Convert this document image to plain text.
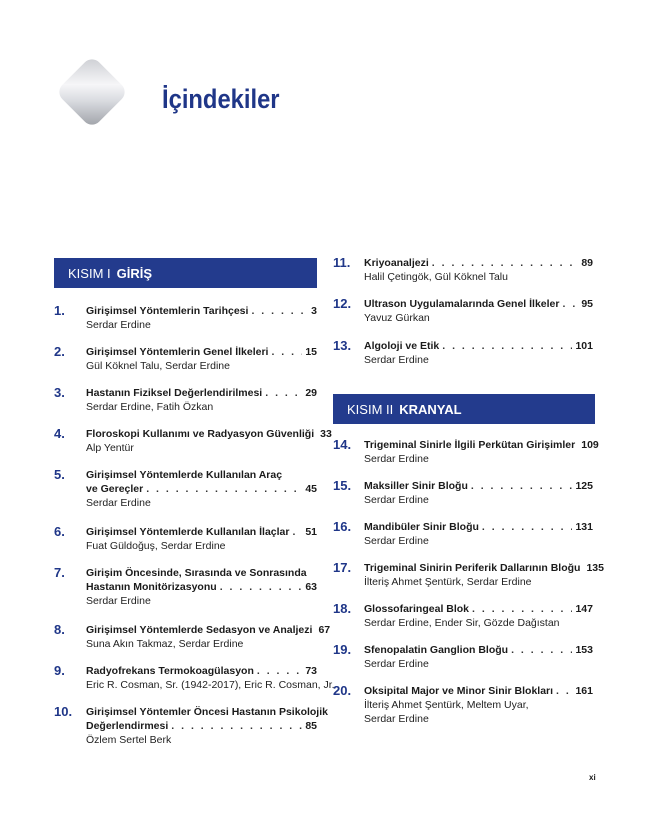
İçindekiler
KISIM I GİRİŞ
KISIM II KRANYAL
1. Girişimsel Yöntemlerin Tarihçesi . . .	3
Serdar Erdine
2. Girişimsel Yöntemlerin Genel İlkeleri . . .	15
Gül Köknel Talu, Serdar Erdine
3. Hastanın Fiziksel Değerlendirilmesi . . .	29
Serdar Erdine, Fatih Özkan
4. Floroskopi Kullanımı ve Radyasyon Güvenliği 33
Alp Yentür
5. Girişimsel Yöntemlerde Kullanılan Araç
ve Gereçler . . .	45
Serdar Erdine
6. Girişimsel Yöntemlerde Kullanılan İlaçlar . . . 51
Fuat Güldoğuş, Serdar Erdine
7. Girişim Öncesinde, Sırasında ve Sonrasında
Hastanın Monitörizasyonu . . .	63
Serdar Erdine
8. Girişimsel Yöntemlerde Sedasyon ve Analjezi 67
Suna Akın Takmaz, Serdar Erdine
9. Radyofrekans Termokoagülasyon . . .	73
Eric R. Cosman, Sr. (1942-2017), Eric R. Cosman, Jr.
10. Girişimsel Yöntemler Öncesi Hastanın Psikolojik
Değerlendirmesi . . .	85
Özlem Sertel Berk
11. Kriyoanaljezi . . .	89
Halil Çetingök, Gül Köknel Talu
12. Ultrason Uygulamalarında Genel İlkeler . . . 95
Yavuz Gürkan
13. Algoloji ve Etik . . .	101
Serdar Erdine
14. Trigeminal Sinirle İlgili Perkütan Girişimler 109
Serdar Erdine
15. Maksiller Sinir Bloğu . . .	125
Serdar Erdine
16. Mandibüler Sinir Bloğu . . .	131
Serdar Erdine
17. Trigeminal Sinirin Periferik Dallarının Bloğu 135
İlteriş Ahmet Şentürk, Serdar Erdine
18. Glossofaringeal Blok . . .	147
Serdar Erdine, Ender Sir, Gözde Dağıstan
19. Sfenopalatin Ganglion Bloğu . . .	153
Serdar Erdine
20. Oksipital Major ve Minor Sinir Blokları . . . 161
İlteriş Ahmet Şentürk, Meltem Uyar,
Serdar Erdine
xi
